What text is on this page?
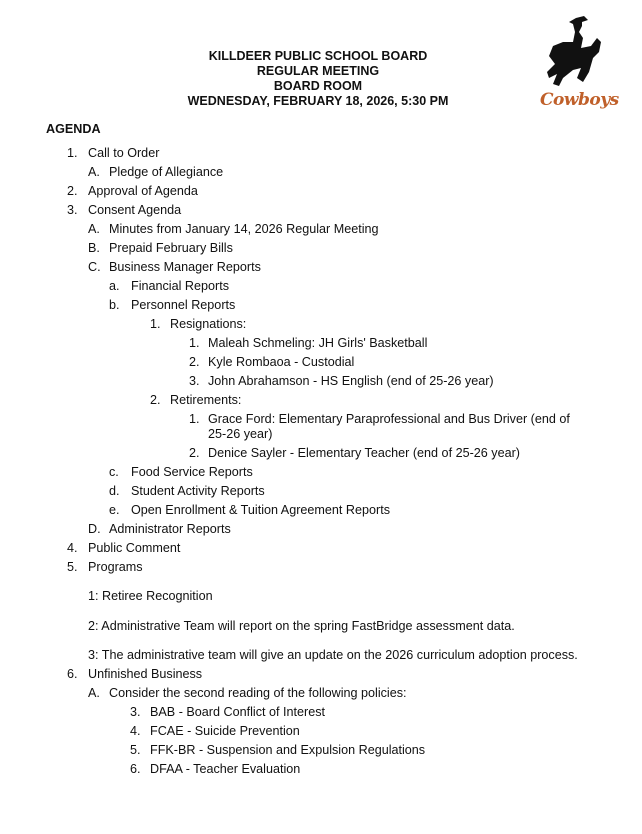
KILLDEER PUBLIC SCHOOL BOARD
REGULAR MEETING
BOARD ROOM
WEDNESDAY, FEBRUARY 18, 2026, 5:30 PM	Cowboys
AGENDA
1. Call to Order
A. Pledge of Allegiance
2. Approval of Agenda
3. Consent Agenda
A. Minutes from January 14, 2026 Regular Meeting
B. Prepaid February Bills
C. Business Manager Reports
a. Financial Reports
b. Personnel Reports
1. Resignations:
1. Maleah Schmeling: JH Girls' Basketball
2. Kyle Rombaoa - Custodial
3. John Abrahamson - HS English (end of 25-26 year)
2. Retirements:
1. Grace Ford: Elementary Paraprofessional and Bus Driver (end of
25-26 year)
2. Denice Sayler - Elementary Teacher (end of 25-26 year)
c. Food Service Reports
d. Student Activity Reports
e. Open Enrollment & Tuition Agreement Reports
D. Administrator Reports
4. Public Comment
5. Programs
1: Retiree Recognition
2: Administrative Team will report on the spring FastBridge assessment data.
3: The administrative team will give an update on the 2026 curriculum adoption process.
6. Unfinished Business
A. Consider the second reading of the following policies:
3. BAB - Board Conflict of Interest
4. FCAE - Suicide Prevention
5. FFK-BR - Suspension and Expulsion Regulations
6. DFAA - Teacher Evaluation
